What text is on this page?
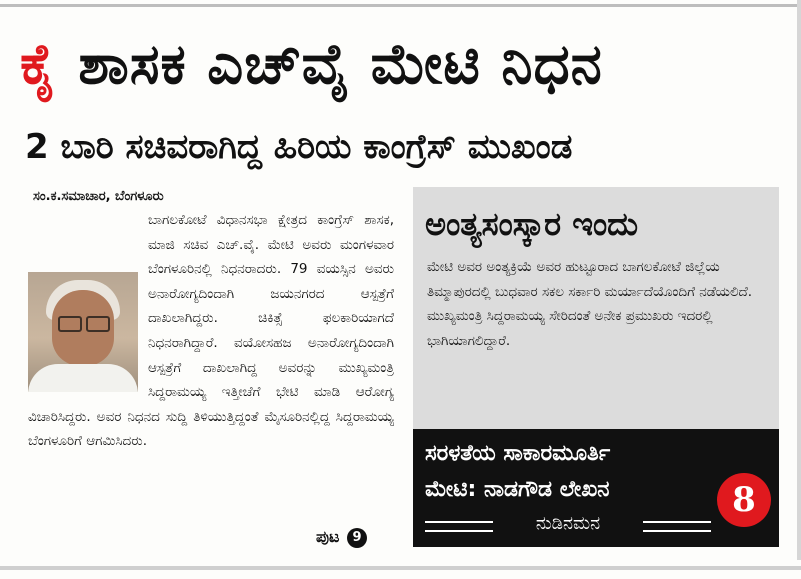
ಕೈ ಶಾಸಕ ಎಚ್‌ವೈ ಮೇಟಿ ನಿಧನ
2 ಬಾರಿ ಸಚಿವರಾಗಿದ್ದ ಹಿರಿಯ ಕಾಂಗ್ರೆಸ್ ಮುಖಂಡ
ಸಂ.ಕ.ಸಮಾಚಾರ, ಬೆಂಗಳೂರು
ಬಾಗಲಕೋಟೆ ವಿಧಾನಸಭಾ ಕ್ಷೇತ್ರದ ಕಾಂಗ್ರೆಸ್ ಶಾಸಕ, ಮಾಜಿ ಸಚಿವ ಎಚ್.ವೈ. ಮೇಟಿ ಅವರು ಮಂಗಳವಾರ ಬೆಂಗಳೂರಿನಲ್ಲಿ ನಿಧನರಾದರು. 79 ವಯಸ್ಸಿನ ಅವರು ಅನಾರೋಗ್ಯದಿಂದಾಗಿ ಜಯನಗರದ ಆಸ್ಪತ್ರೆಗೆ ದಾಖಲಾಗಿದ್ದರು. ಚಿಕಿತ್ಸೆ ಫಲಕಾರಿಯಾಗದೆ ನಿಧನರಾಗಿದ್ದಾರೆ. ವಯೋಸಹಜ ಅನಾರೋಗ್ಯದಿಂದಾಗಿ ಆಸ್ಪತ್ರೆಗೆ ದಾಖಲಾಗಿದ್ದ ಅವರನ್ನು ಮುಖ್ಯಮಂತ್ರಿ ಸಿದ್ದರಾಮಯ್ಯ ಇತ್ತೀಚೆಗೆ ಭೇಟಿ ಮಾಡಿ ಆರೋಗ್ಯ ವಿಚಾರಿಸಿದ್ದರು. ಅವರ ನಿಧನದ ಸುದ್ದಿ ತಿಳಿಯುತ್ತಿದ್ದಂತೆ ಮೈಸೂರಿನಲ್ಲಿದ್ದ ಸಿದ್ದರಾಮಯ್ಯ ಬೆಂಗಳೂರಿಗೆ ಆಗಮಿಸಿದರು.
ಪುಟ 9
ಅಂತ್ಯಸಂಸ್ಕಾರ ಇಂದು
ಮೇಟಿ ಅವರ ಅಂತ್ಯಕ್ರಿಯೆ ಅವರ ಹುಟ್ಟೂರಾದ ಬಾಗಲಕೋಟೆ ಜಿಲ್ಲೆಯ ತಿಮ್ಮಾಪುರದಲ್ಲಿ ಬುಧವಾರ ಸಕಲ ಸರ್ಕಾರಿ ಮರ್ಯಾದೆಯೊಂದಿಗೆ ನಡೆಯಲಿದೆ. ಮುಖ್ಯಮಂತ್ರಿ ಸಿದ್ದರಾಮಯ್ಯ ಸೇರಿದಂತೆ ಅನೇಕ ಪ್ರಮುಖರು ಇದರಲ್ಲಿ ಭಾಗಿಯಾಗಲಿದ್ದಾರೆ.
ಸರಳತೆಯ ಸಾಕಾರಮೂರ್ತಿ
ಮೇಟಿ: ನಾಡಗೌಡ ಲೇಖನ
ನುಡಿನಮನ
8
